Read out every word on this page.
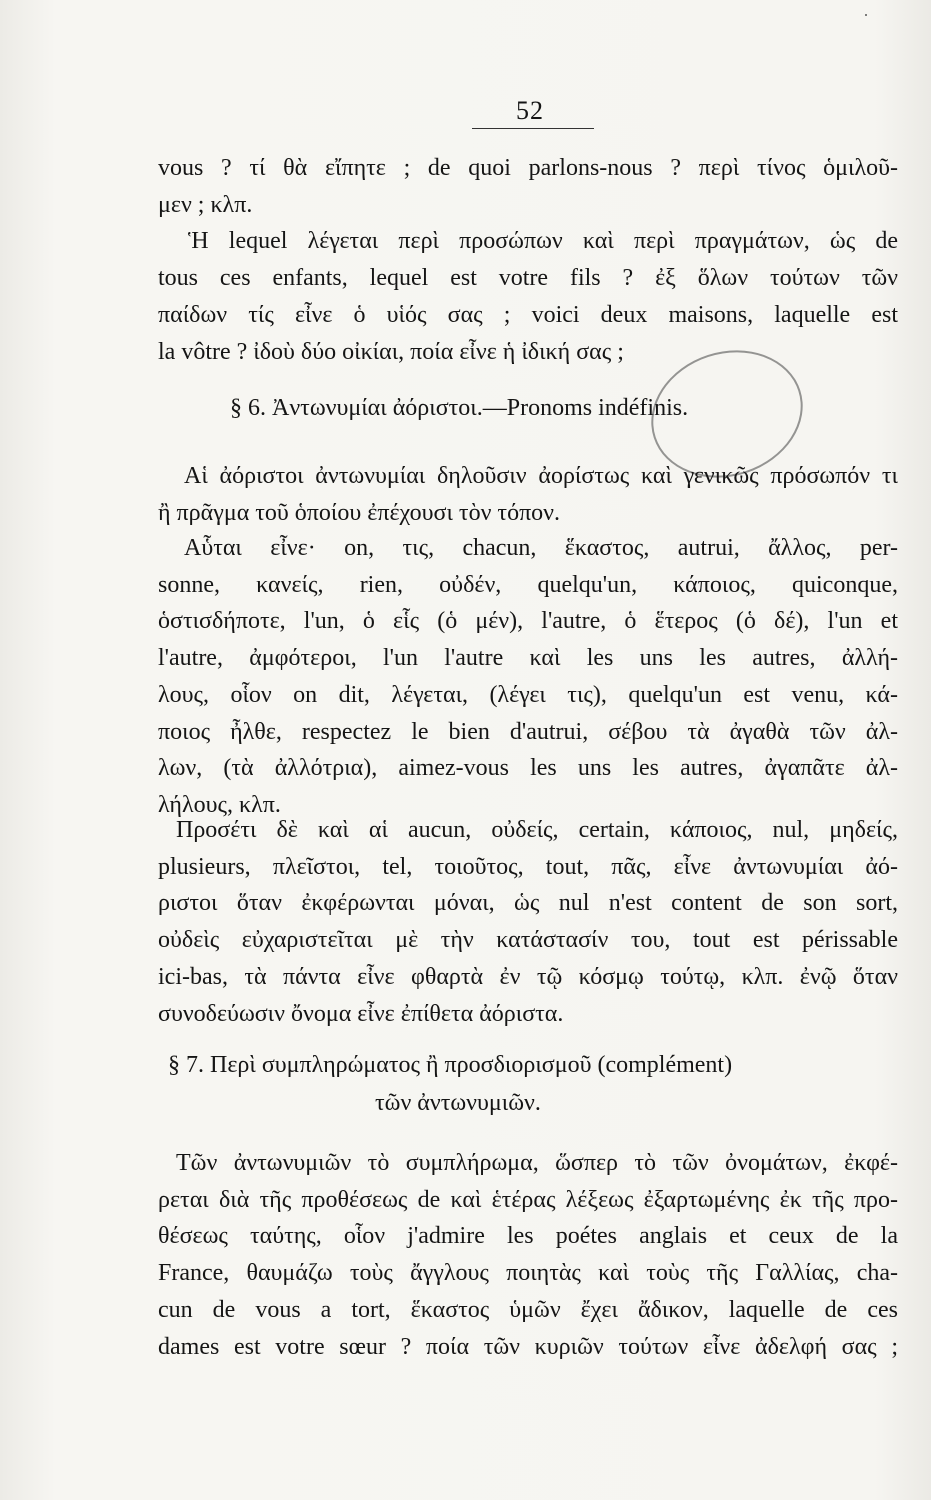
52
vous ? τί θὰ εἴπητε ; de quoi parlons-nous ? περὶ τίνος ὁμιλοῦ-
μεν ; κλπ.
Ἡ lequel λέγεται περὶ προσώπων καὶ περὶ πραγμάτων, ὡς de
tous ces enfants, lequel est votre fils ? ἐξ ὅλων τούτων τῶν
παίδων τίς εἶνε ὁ υἱός σας ; voici deux maisons, laquelle est
la vôtre ? ἰδοὺ δύο οἰκίαι, ποία εἶνε ἡ ἰδική σας ;
§ 6. Ἀντωνυμίαι ἀόριστοι.—Pronoms indéfinis.
Αἱ ἀόριστοι ἀντωνυμίαι δηλοῦσιν ἀορίστως καὶ γενικῶς πρόσωπόν τι
ἢ πρᾶγμα τοῦ ὁποίου ἐπέχουσι τὸν τόπον.
Αὗται εἶνε· on, τις, chacun, ἕκαστος, autrui, ἄλλος, per-
sonne, κανείς, rien, οὐδέν, quelqu'un, κάποιος, quiconque,
ὁστισδήποτε, l'un, ὁ εἷς (ὁ μέν), l'autre, ὁ ἕτερος (ὁ δέ), l'un et
l'autre, ἀμφότεροι, l'un l'autre καὶ les uns les autres, ἀλλή-
λους, οἷον on dit, λέγεται, (λέγει τις), quelqu'un est venu, κά-
ποιος ἦλθε, respectez le bien d'autrui, σέβου τὰ ἀγαθὰ τῶν ἀλ-
λων, (τὰ ἀλλότρια), aimez-vous les uns les autres, ἀγαπᾶτε ἀλ-
λήλους, κλπ.
Προσέτι δὲ καὶ αἱ aucun, οὐδείς, certain, κάποιος, nul, μηδείς,
plusieurs, πλεῖστοι, tel, τοιοῦτος, tout, πᾶς, εἶνε ἀντωνυμίαι ἀό-
ριστοι ὅταν ἐκφέρωνται μόναι, ὡς nul n'est content de son sort,
οὐδεὶς εὐχαριστεῖται μὲ τὴν κατάστασίν του, tout est périssable
ici-bas, τὰ πάντα εἶνε φθαρτὰ ἐν τῷ κόσμῳ τούτῳ, κλπ. ἐνῷ ὅταν
συνοδεύωσιν ὄνομα εἶνε ἐπίθετα ἀόριστα.
§ 7. Περὶ συμπληρώματος ἢ προσδιορισμοῦ (complément)
τῶν ἀντωνυμιῶν.
Τῶν ἀντωνυμιῶν τὸ συμπλήρωμα, ὥσπερ τὸ τῶν ὀνομάτων, ἐκφέ-
ρεται διὰ τῆς προθέσεως de καὶ ἑτέρας λέξεως ἐξαρτωμένης ἐκ τῆς προ-
θέσεως ταύτης, οἷον j'admire les poétes anglais et ceux de la
France, θαυμάζω τοὺς ἄγγλους ποιητὰς καὶ τοὺς τῆς Γαλλίας, cha-
cun de vous a tort, ἕκαστος ὑμῶν ἔχει ἄδικον, laquelle de ces
dames est votre sœur ? ποία τῶν κυριῶν τούτων εἶνε ἀδελφή σας ;
